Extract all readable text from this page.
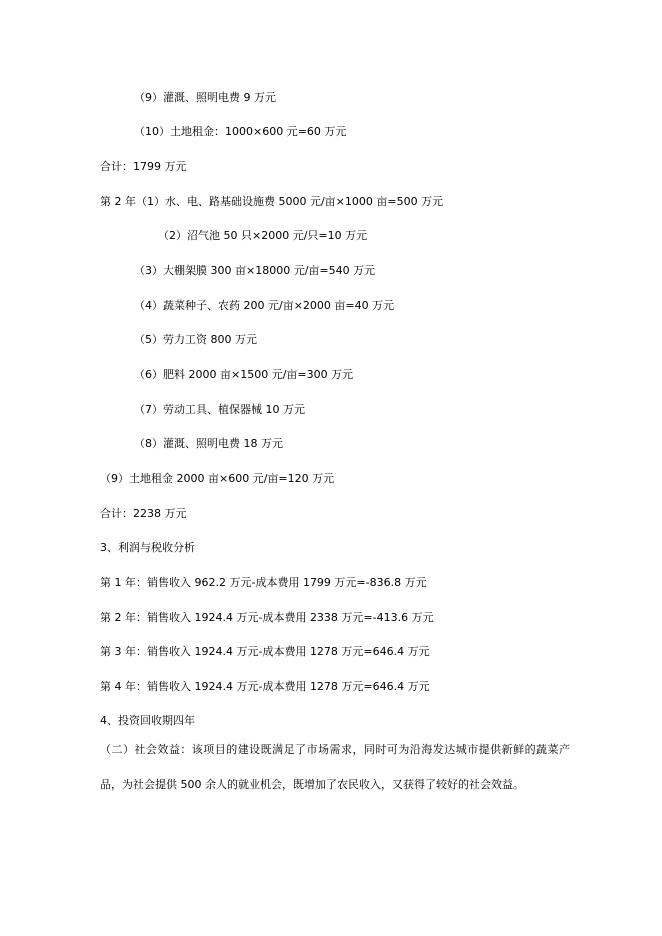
（9）灌溉、照明电费 9 万元
（10）土地租金：1000×600 元=60 万元
合计：1799 万元
第 2 年（1）水、电、路基础设施费 5000 元/亩×1000 亩=500 万元
（2）沼气池 50 只×2000 元/只=10 万元
（3）大棚架膜 300 亩×18000 元/亩=540 万元
（4）蔬菜种子、农药 200 元/亩×2000 亩=40 万元
（5）劳力工资 800 万元
（6）肥料 2000 亩×1500 元/亩=300 万元
（7）劳动工具、植保器械 10 万元
（8）灌溉、照明电费 18 万元
（9）土地租金 2000 亩×600 元/亩=120 万元
合计：2238 万元
3、利润与税收分析
第 1 年：销售收入 962.2 万元-成本费用 1799 万元=-836.8 万元
第 2 年：销售收入 1924.4 万元-成本费用 2338 万元=-413.6 万元
第 3 年：销售收入 1924.4 万元-成本费用 1278 万元=646.4 万元
第 4 年：销售收入 1924.4 万元-成本费用 1278 万元=646.4 万元
4、投资回收期四年
（二）社会效益：该项目的建设既满足了市场需求，同时可为沿海发达城市提供新鲜的蔬菜产品，为社会提供 500 余人的就业机会，既增加了农民收入，又获得了较好的社会效益。
